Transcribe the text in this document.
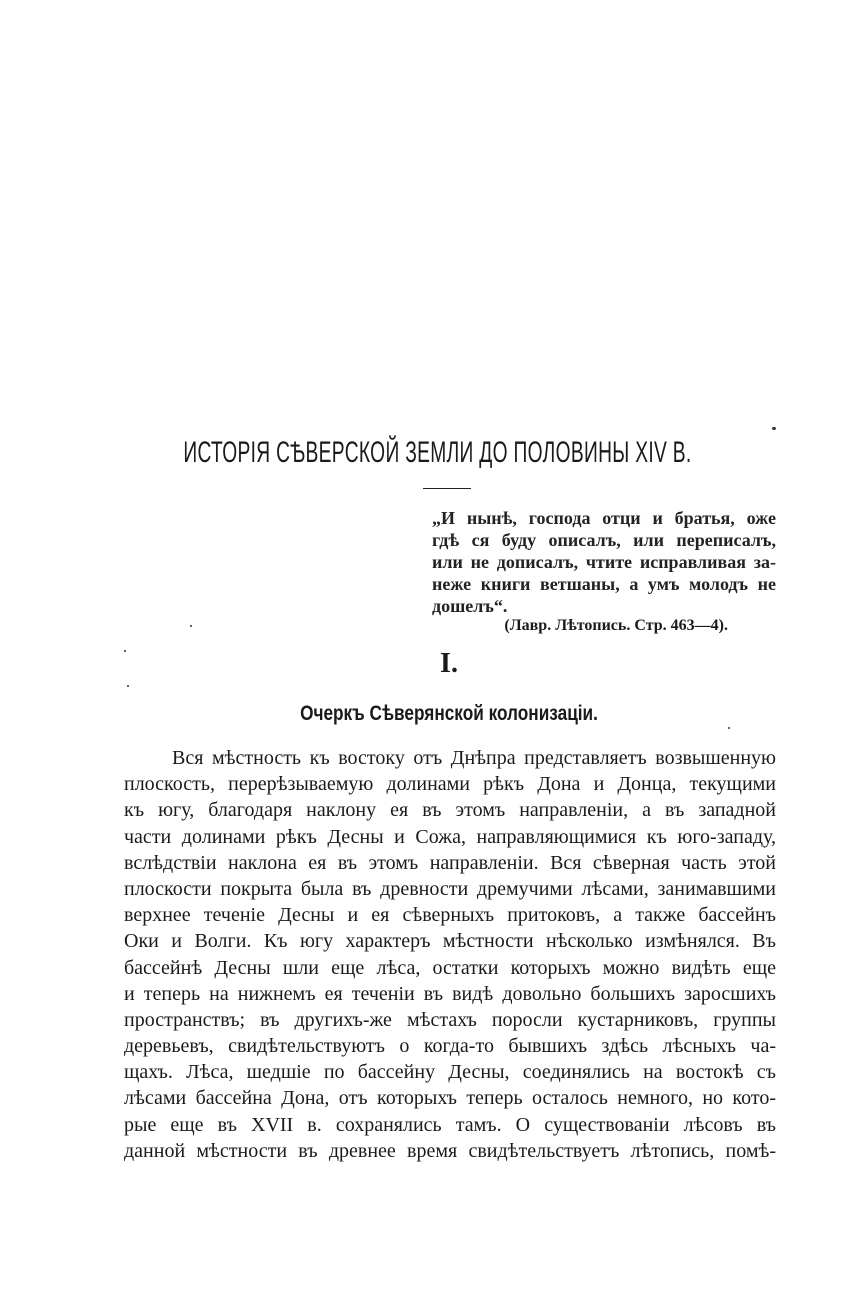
ИСТОРІЯ СѢВЕРСКОЙ ЗЕМЛИ ДО ПОЛОВИНЫ XIV В.
„И нынѣ, господа отци и братья, оже
гдѣ ся буду описалъ, или переписалъ,
или не дописалъ, чтите исправливая за-
неже книги ветшаны, а умъ молодъ не
дошелъ“.
(Лавр. Лѣтопись. Стр. 463—4).
I.
Очеркъ Сѣверянской колонизаціи.
Вся мѣстность къ востоку отъ Днѣпра представляетъ возвышенную
плоскость, перерѣзываемую долинами рѣкъ Дона и Донца, текущими
къ югу, благодаря наклону ея въ этомъ направленіи, а въ западной
части долинами рѣкъ Десны и Сожа, направляющимися къ юго-западу,
вслѣдствіи наклона ея въ этомъ направленіи. Вся сѣверная часть этой
плоскости покрыта была въ древности дремучими лѣсами, занимавшими
верхнее теченіе Десны и ея сѣверныхъ притоковъ, а также бассейнъ
Оки и Волги. Къ югу характеръ мѣстности нѣсколько измѣнялся. Въ
бассейнѣ Десны шли еще лѣса, остатки которыхъ можно видѣть еще
и теперь на нижнемъ ея теченіи въ видѣ довольно большихъ заросшихъ
пространствъ; въ другихъ-же мѣстахъ поросли кустарниковъ, группы
деревьевъ, свидѣтельствуютъ о когда-то бывшихъ здѣсь лѣсныхъ ча-
щахъ. Лѣса, шедшіе по бассейну Десны, соединялись на востокѣ съ
лѣсами бассейна Дона, отъ которыхъ теперь осталось немного, но кото-
рые еще въ XVII в. сохранялись тамъ. О существованіи лѣсовъ въ
данной мѣстности въ древнее время свидѣтельствуетъ лѣтопись, помѣ-
